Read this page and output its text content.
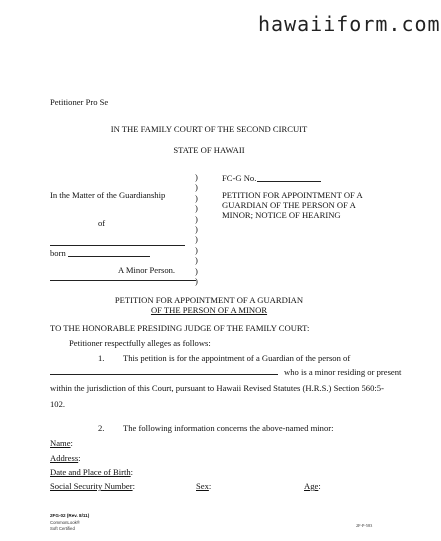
hawaiiform.com
Petitioner Pro Se
IN THE FAMILY COURT OF THE SECOND CIRCUIT
STATE OF HAWAII
In the Matter of the Guardianship
of
born
A Minor Person.
)
)
)
)
)
)
)
)
)
)
)
FC-G No.
PETITION FOR APPOINTMENT OF A
GUARDIAN OF THE PERSON OF A
MINOR; NOTICE OF HEARING
PETITION FOR APPOINTMENT OF A GUARDIAN
OF THE PERSON OF A MINOR
TO THE HONORABLE PRESIDING JUDGE OF THE FAMILY COURT:
Petitioner respectfully alleges as follows:
1. This petition is for the appointment of a Guardian of the person of
who is a minor residing or present
within the jurisdiction of this Court, pursuant to Hawaii Revised Statutes (H.R.S.) Section 560:5-
102.
2. The following information concerns the above-named minor:
Name:
Address:
Date and Place of Birth:
Social Security Number:	Sex:	Age:
2FG-02 (Rev. 8/11)
CommonLook®
Soft Certified
2F-P-583
